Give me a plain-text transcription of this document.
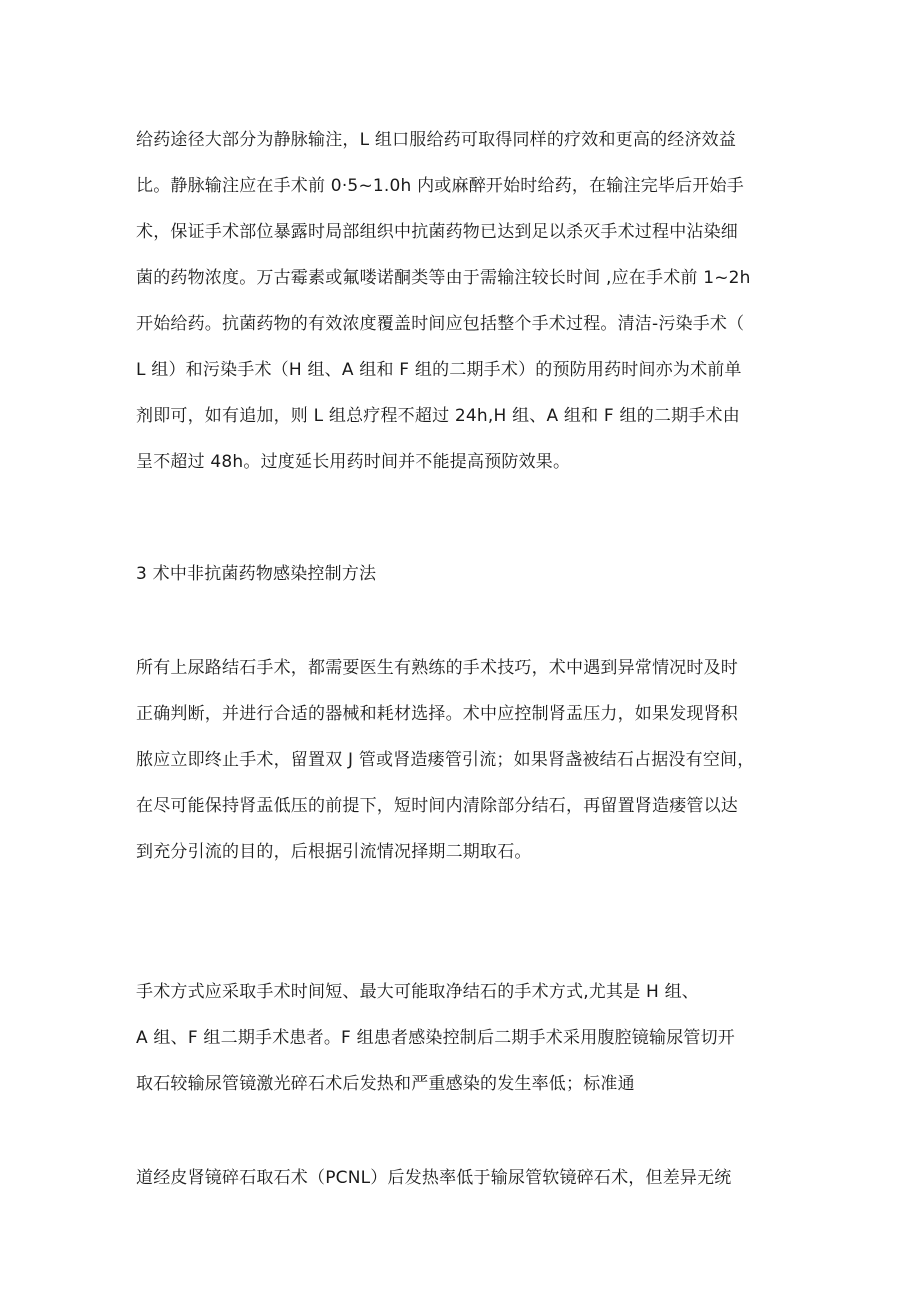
给药途径大部分为静脉输注，L 组口服给药可取得同样的疗效和更高的经济效益
比。静脉输注应在手术前 0·5~1.0h 内或麻醉开始时给药，在输注完毕后开始手
术，保证手术部位暴露时局部组织中抗菌药物已达到足以杀灭手术过程中沾染细
菌的药物浓度。万古霉素或氟喽诺酮类等由于需输注较长时间 ,应在手术前 1~2h
开始给药。抗菌药物的有效浓度覆盖时间应包括整个手术过程。清洁-污染手术（
L 组）和污染手术（H 组、A 组和 F 组的二期手术）的预防用药时间亦为术前单
剂即可，如有追加，则 L 组总疗程不超过 24h,H 组、A 组和 F 组的二期手术由
呈不超过 48h。过度延长用药时间并不能提高预防效果。
3 术中非抗菌药物感染控制方法
所有上尿路结石手术，都需要医生有熟练的手术技巧，术中遇到异常情况时及时
正确判断，并进行合适的器械和耗材选择。术中应控制肾盂压力，如果发现肾积
脓应立即终止手术，留置双 J 管或肾造瘘管引流；如果肾盏被结石占据没有空间，
在尽可能保持肾盂低压的前提下，短时间内清除部分结石，再留置肾造瘘管以达
到充分引流的目的，后根据引流情况择期二期取石。
手术方式应采取手术时间短、最大可能取净结石的手术方式,尤其是 H 组、
A 组、F 组二期手术患者。F 组患者感染控制后二期手术采用腹腔镜输尿管切开
取石较输尿管镜激光碎石术后发热和严重感染的发生率低；标准通
道经皮肾镜碎石取石术（PCNL）后发热率低于输尿管软镜碎石术，但差异无统
